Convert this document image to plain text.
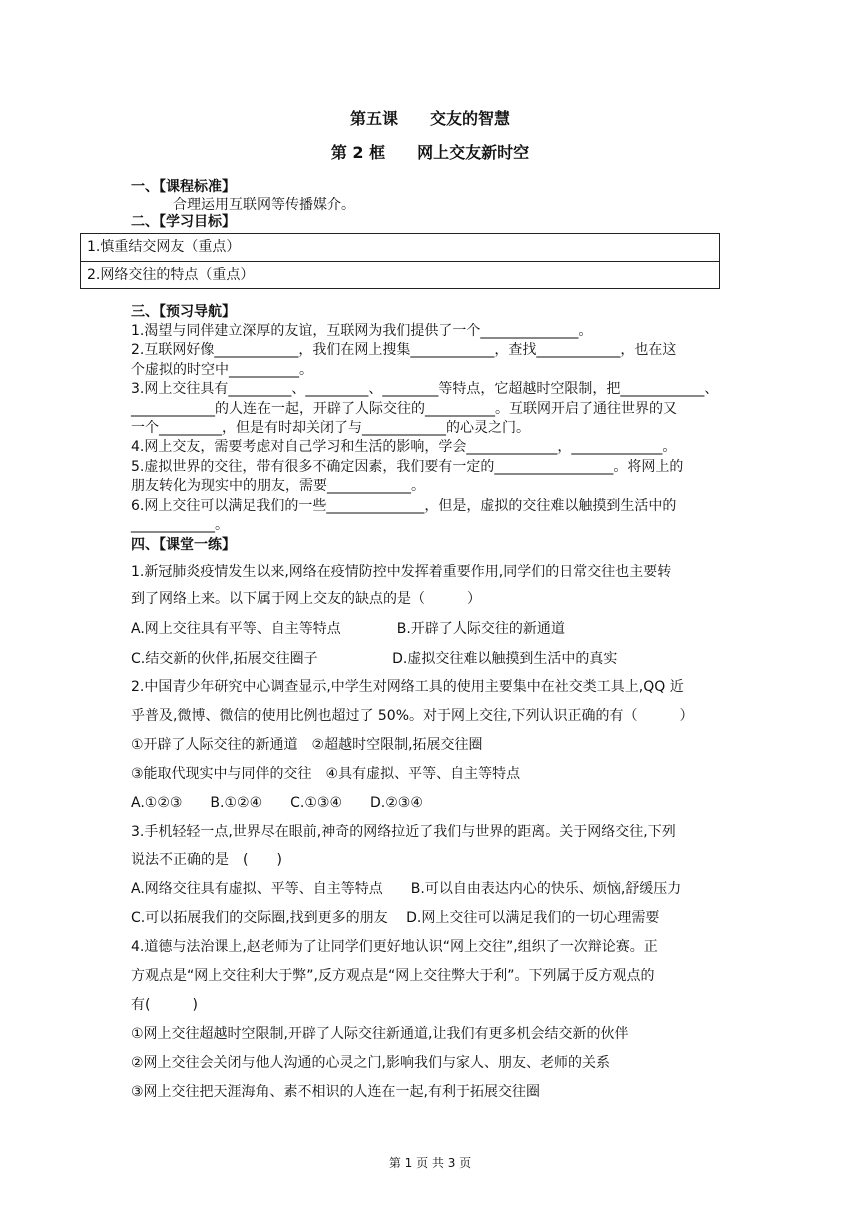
第五课　　交友的智慧
第 2 框　　网上交友新时空
一、【课程标准】
合理运用互联网等传播媒介。
二、【学习目标】
1.慎重结交网友（重点）
2.网络交往的特点（重点）
三、【预习导航】
1.渴望与同伴建立深厚的友谊，互联网为我们提供了一个______________。
2.互联网好像____________，我们在网上搜集____________，查找____________，也在这
个虚拟的时空中__________。
3.网上交往具有_________、_________、________等特点，它超越时空限制，把____________、
____________的人连在一起，开辟了人际交往的__________。互联网开启了通往世界的又
一个_________，但是有时却关闭了与____________的心灵之门。
4.网上交友，需要考虑对自己学习和生活的影响，学会_____________，_____________。
5.虚拟世界的交往，带有很多不确定因素，我们要有一定的_________________。将网上的
朋友转化为现实中的朋友，需要____________。
6.网上交往可以满足我们的一些______________，但是，虚拟的交往难以触摸到生活中的
____________。
四、【课堂一练】
1.新冠肺炎疫情发生以来,网络在疫情防控中发挥着重要作用,同学们的日常交往也主要转
到了网络上来。以下属于网上交友的缺点的是（　　　）
A.网上交往具有平等、自主等特点　　　　B.开辟了人际交往的新通道
C.结交新的伙伴,拓展交往圈子　　　　　 D.虚拟交往难以触摸到生活中的真实
2.中国青少年研究中心调查显示,中学生对网络工具的使用主要集中在社交类工具上,QQ 近
乎普及,微博、微信的使用比例也超过了 50%。对于网上交往,下列认识正确的有（　　　）
①开辟了人际交往的新通道　②超越时空限制,拓展交往圈
③能取代现实中与同伴的交往　④具有虚拟、平等、自主等特点
A.①②③　　B.①②④　　C.①③④　　D.②③④
3.手机轻轻一点,世界尽在眼前,神奇的网络拉近了我们与世界的距离。关于网络交往,下列
说法不正确的是　(　　)
A.网络交往具有虚拟、平等、自主等特点　　B.可以自由表达内心的快乐、烦恼,舒缓压力
C.可以拓展我们的交际圈,找到更多的朋友　 D.网上交往可以满足我们的一切心理需要
4.道德与法治课上,赵老师为了让同学们更好地认识“网上交往”,组织了一次辩论赛。正
方观点是“网上交往利大于弊”,反方观点是“网上交往弊大于利”。下列属于反方观点的
有(　　　)
①网上交往超越时空限制,开辟了人际交往新通道,让我们有更多机会结交新的伙伴
②网上交往会关闭与他人沟通的心灵之门,影响我们与家人、朋友、老师的关系
③网上交往把天涯海角、素不相识的人连在一起,有利于拓展交往圈
第 1 页 共 3 页
